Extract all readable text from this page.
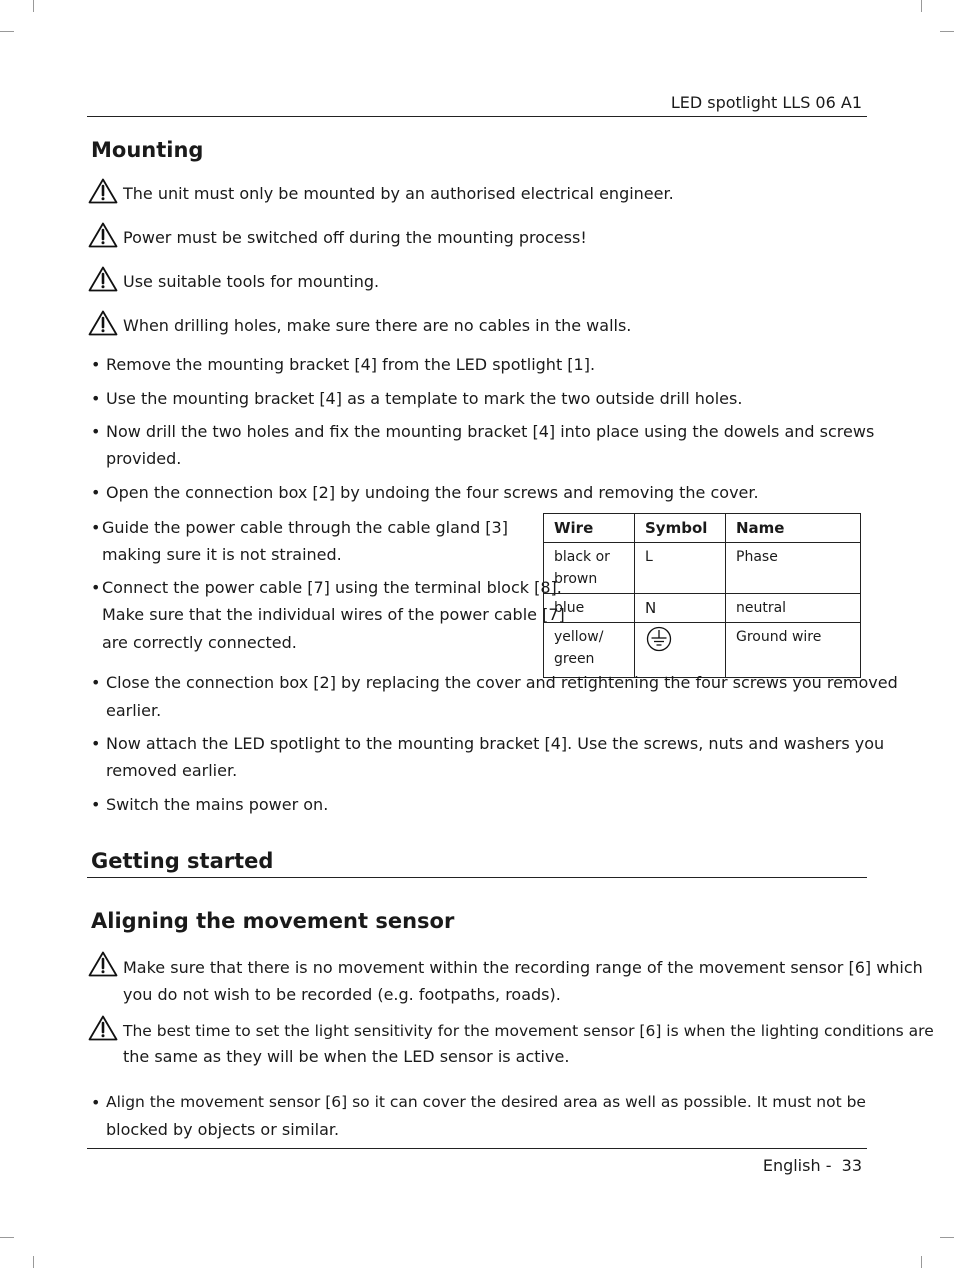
LED spotlight LLS 06 A1
Mounting
The unit must only be mounted by an authorised electrical engineer.
Power must be switched off during the mounting process!
Use suitable tools for mounting.
When drilling holes, make sure there are no cables in the walls.
• Remove the mounting bracket [4] from the LED spotlight [1].
• Use the mounting bracket [4] as a template to mark the two outside drill holes.
• Now drill the two holes and fix the mounting bracket [4] into place using the dowels and screws
provided.
• Open the connection box [2] by undoing the four screws and removing the cover.
• Guide the power cable through the cable gland [3]
making sure it is not strained.
• Connect the power cable [7] using the terminal block [8].
Make sure that the individual wires of the power cable [7]
are correctly connected.
Wire	Symbol	Name
black or brown	L	Phase
blue	N	neutral
yellow/ green		Ground wire
• Close the connection box [2] by replacing the cover and retightening the four screws you removed
earlier.
• Now attach the LED spotlight to the mounting bracket [4]. Use the screws, nuts and washers you
removed earlier.
• Switch the mains power on.
Getting started
Aligning the movement sensor
Make sure that there is no movement within the recording range of the movement sensor [6] which
you do not wish to be recorded (e.g. footpaths, roads).
The best time to set the light sensitivity for the movement sensor [6] is when the lighting conditions are
the same as they will be when the LED sensor is active.
• Align the movement sensor [6] so it can cover the desired area as well as possible. It must not be
blocked by objects or similar.
English -  33
